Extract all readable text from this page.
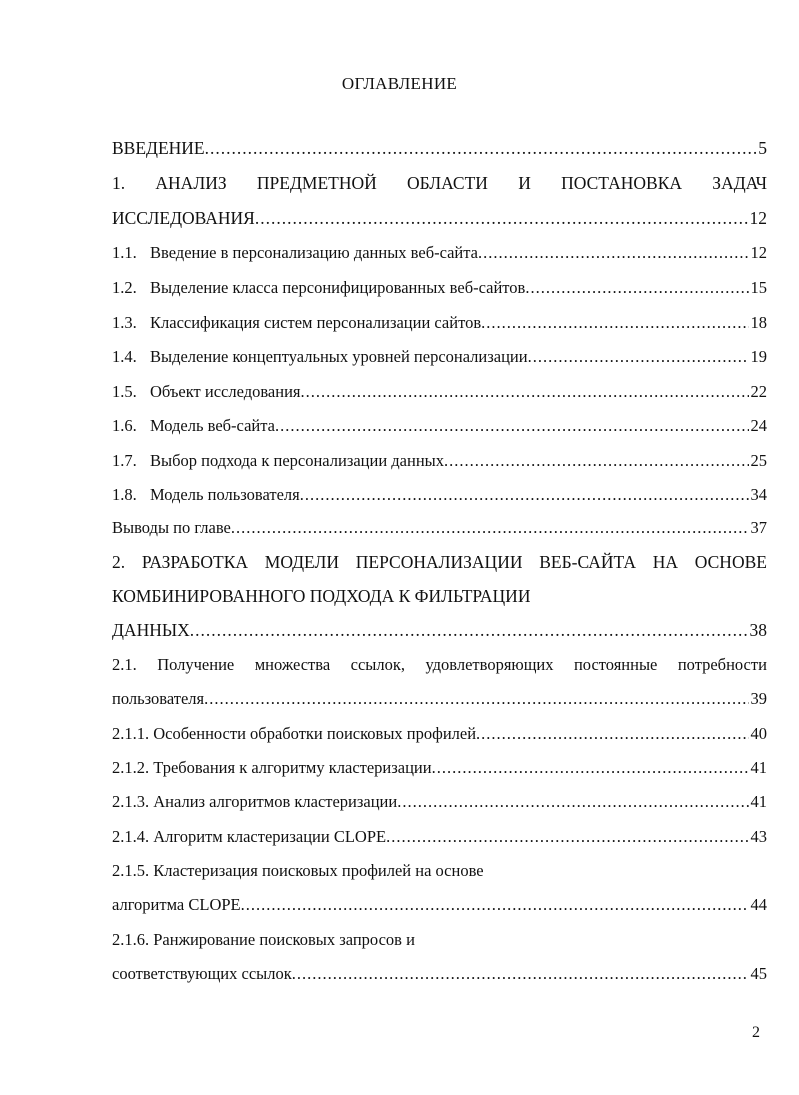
ОГЛАВЛЕНИЕ
ВВЕДЕНИЕ .....	5
1. АНАЛИЗ ПРЕДМЕТНОЙ ОБЛАСТИ И ПОСТАНОВКА ЗАДАЧ
ИССЛЕДОВАНИЯ .....	12
1.1. Введение в персонализацию данных веб-сайта .....	12
1.2. Выделение класса персонифицированных веб-сайтов .....	15
1.3. Классификация систем персонализации сайтов .....	18
1.4. Выделение концептуальных уровней персонализации .....	19
1.5. Объект исследования .....	22
1.6. Модель веб-сайта .....	24
1.7. Выбор подхода к персонализации данных .....	25
1.8. Модель пользователя .....	34
Выводы по главе .....	37
2. РАЗРАБОТКА МОДЕЛИ ПЕРСОНАЛИЗАЦИИ ВЕБ-САЙТА НА ОСНОВЕ
КОМБИНИРОВАННОГО ПОДХОДА К ФИЛЬТРАЦИИ
ДАННЫХ .....	38
2.1. Получение множества ссылок, удовлетворяющих постоянные потребности
пользователя .....	39
2.1.1. Особенности обработки поисковых профилей .....	40
2.1.2. Требования к алгоритму кластеризации .....	41
2.1.3. Анализ алгоритмов кластеризации .....	41
2.1.4. Алгоритм кластеризации CLOPE .....	43
2.1.5. Кластеризация поисковых профилей на основе
алгоритма CLOPE .....	44
2.1.6. Ранжирование поисковых запросов и
соответствующих ссылок .....	45
2
